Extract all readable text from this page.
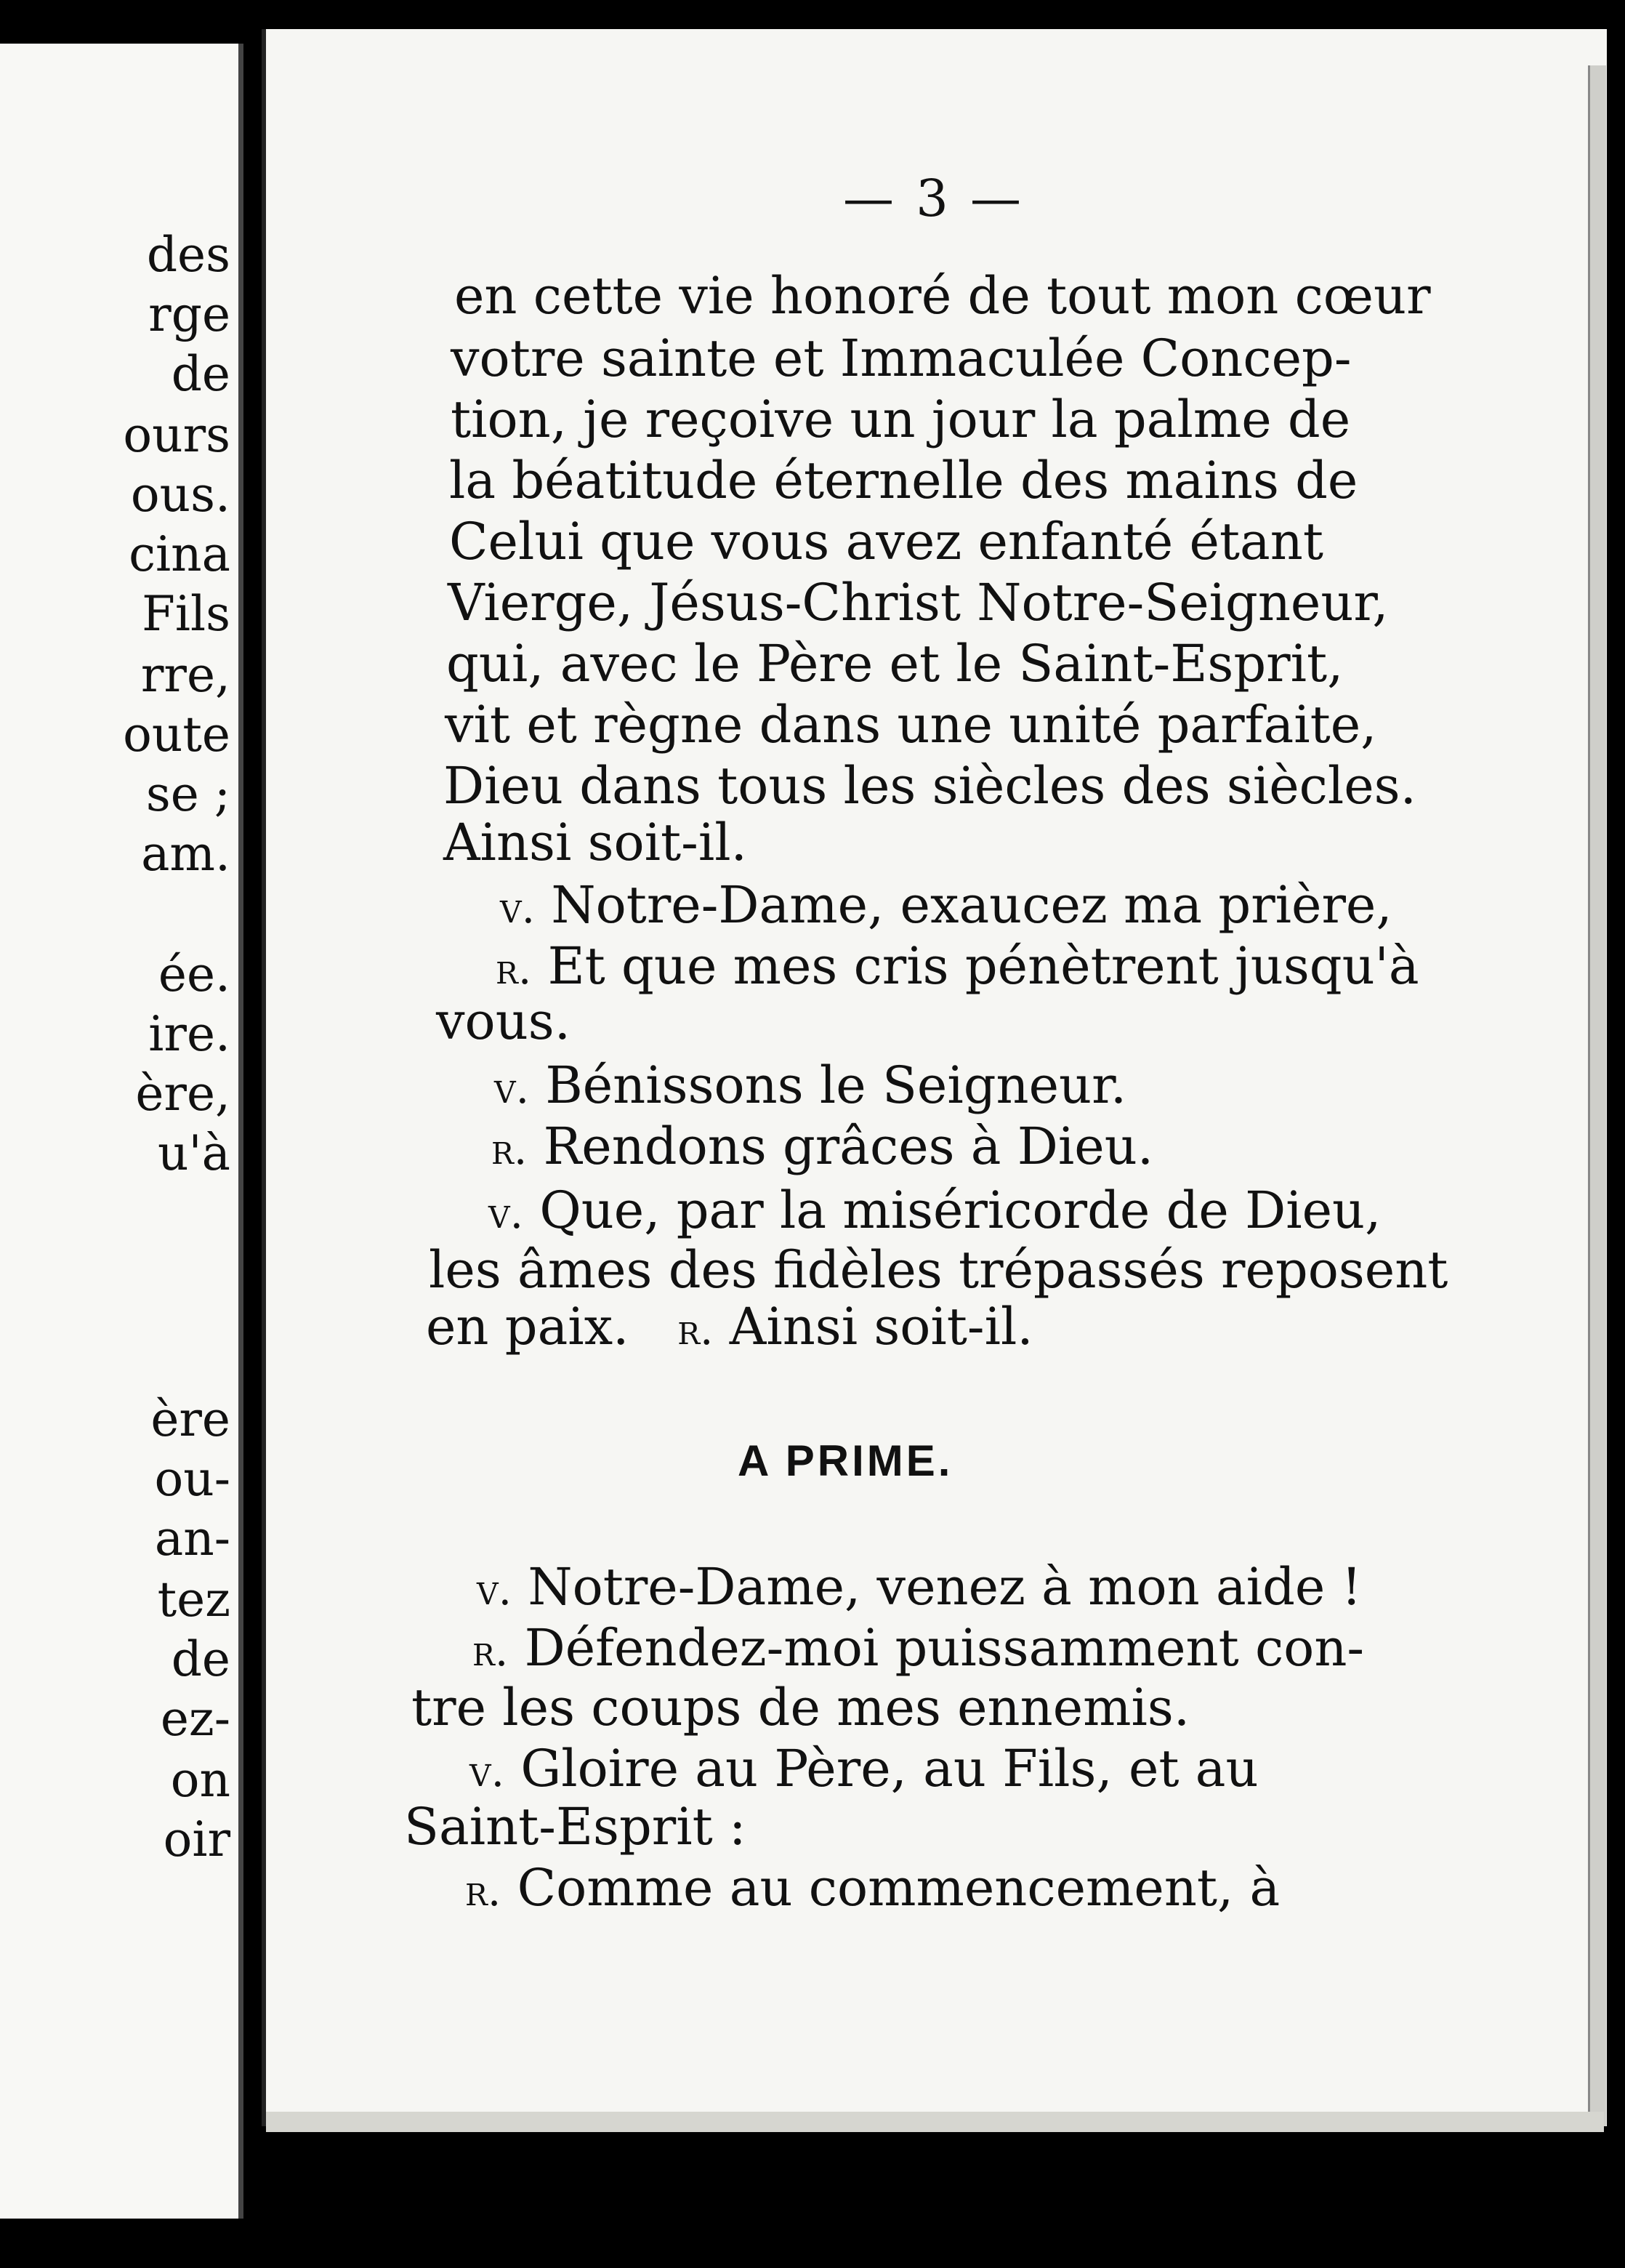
des
rge
de
ours
ous.
cina
Fils
rre,
oute
se ;
am.
ée.
ire.
ère,
u'à
ère
ou-
an-
tez
de
ez-
on
oir
— 3 —
en cette vie honoré de tout mon cœur
votre sainte et Immaculée Concep-
tion, je reçoive un jour la palme de
la béatitude éternelle des mains de
Celui que vous avez enfanté étant
Vierge, Jésus-Christ Notre-Seigneur,
qui, avec le Père et le Saint-Esprit,
vit et règne dans une unité parfaite,
Dieu dans tous les siècles des siècles.
Ainsi soit-il.
v. Notre-Dame, exaucez ma prière,
r. Et que mes cris pénètrent jusqu'à
vous.
v. Bénissons le Seigneur.
r. Rendons grâces à Dieu.
v. Que, par la miséricorde de Dieu,
les âmes des fidèles trépassés reposent
en paix. r. Ainsi soit-il.
A PRIME.
v. Notre-Dame, venez à mon aide !
r. Défendez-moi puissamment con-
tre les coups de mes ennemis.
v. Gloire au Père, au Fils, et au
Saint-Esprit :
r. Comme au commencement, à
